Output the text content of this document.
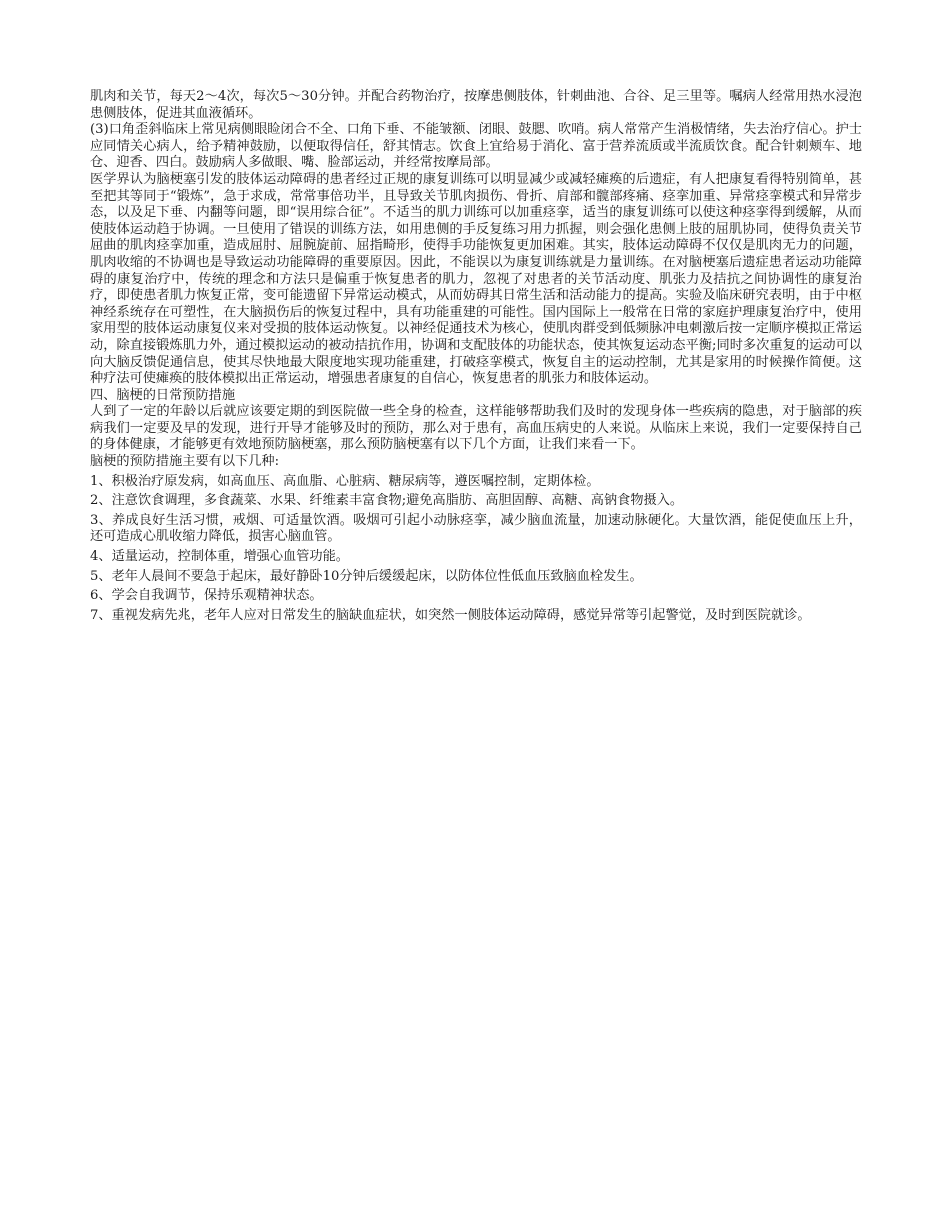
肌肉和关节，每天2～4次，每次5～30分钟。并配合药物治疗，按摩患侧肢体，针刺曲池、合谷、足三里等。嘱病人经常用热水浸泡患侧肢体，促进其血液循环。

(3)口角歪斜临床上常见病侧眼睑闭合不全、口角下垂、不能皱额、闭眼、鼓腮、吹哨。病人常常产生消极情绪，失去治疗信心。护士应同情关心病人，给予精神鼓励，以便取得信任，舒其情志。饮食上宜给易于消化、富于营养流质或半流质饮食。配合针刺颊车、地仓、迎香、四白。鼓励病人多做眼、嘴、脸部运动，并经常按摩局部。

医学界认为脑梗塞引发的肢体运动障碍的患者经过正规的康复训练可以明显减少或减轻瘫痪的后遗症，有人把康复看得特别简单，甚至把其等同于“锻炼”，急于求成，常常事倍功半，且导致关节肌肉损伤、骨折、肩部和髋部疼痛、痉挛加重、异常痉挛模式和异常步态，以及足下垂、内翻等问题，即“误用综合征”。不适当的肌力训练可以加重痉挛，适当的康复训练可以使这种痉挛得到缓解，从而使肢体运动趋于协调。一旦使用了错误的训练方法，如用患侧的手反复练习用力抓握，则会强化患侧上肢的屈肌协同，使得负责关节屈曲的肌肉痉挛加重，造成屈肘、屈腕旋前、屈指畸形，使得手功能恢复更加困难。其实，肢体运动障碍不仅仅是肌肉无力的问题，肌肉收缩的不协调也是导致运动功能障碍的重要原因。因此，不能误以为康复训练就是力量训练。在对脑梗塞后遗症患者运动功能障碍的康复治疗中，传统的理念和方法只是偏重于恢复患者的肌力，忽视了对患者的关节活动度、肌张力及拮抗之间协调性的康复治疗，即使患者肌力恢复正常，变可能遗留下异常运动模式，从而妨碍其日常生活和活动能力的提高。实验及临床研究表明，由于中枢神经系统存在可塑性，在大脑损伤后的恢复过程中，具有功能重建的可能性。国内国际上一般常在日常的家庭护理康复治疗中，使用家用型的肢体运动康复仪来对受损的肢体运动恢复。以神经促通技术为核心，使肌肉群受到低频脉冲电刺激后按一定顺序模拟正常运动，除直接锻炼肌力外，通过模拟运动的被动拮抗作用，协调和支配肢体的功能状态，使其恢复运动态平衡;同时多次重复的运动可以向大脑反馈促通信息，使其尽快地最大限度地实现功能重建，打破痉挛模式，恢复自主的运动控制，尤其是家用的时候操作简便。这种疗法可使瘫痪的肢体模拟出正常运动，增强患者康复的自信心，恢复患者的肌张力和肢体运动。

四、脑梗的日常预防措施

人到了一定的年龄以后就应该要定期的到医院做一些全身的检查，这样能够帮助我们及时的发现身体一些疾病的隐患，对于脑部的疾病我们一定要及早的发现，进行开导才能够及时的预防，那么对于患有，高血压病史的人来说。从临床上来说，我们一定要保持自己的身体健康，才能够更有效地预防脑梗塞，那么预防脑梗塞有以下几个方面，让我们来看一下。

脑梗的预防措施主要有以下几种:

1、积极治疗原发病，如高血压、高血脂、心脏病、糖尿病等，遵医嘱控制，定期体检。

2、注意饮食调理，多食蔬菜、水果、纤维素丰富食物;避免高脂肪、高胆固醇、高糖、高钠食物摄入。

3、养成良好生活习惯，戒烟、可适量饮酒。吸烟可引起小动脉痉挛，减少脑血流量，加速动脉硬化。大量饮酒，能促使血压上升，还可造成心肌收缩力降低，损害心脑血管。

4、适量运动，控制体重，增强心血管功能。

5、老年人晨间不要急于起床，最好静卧10分钟后缓缓起床，以防体位性低血压致脑血栓发生。

6、学会自我调节，保持乐观精神状态。

7、重视发病先兆，老年人应对日常发生的脑缺血症状，如突然一侧肢体运动障碍，感觉异常等引起警觉，及时到医院就诊。
